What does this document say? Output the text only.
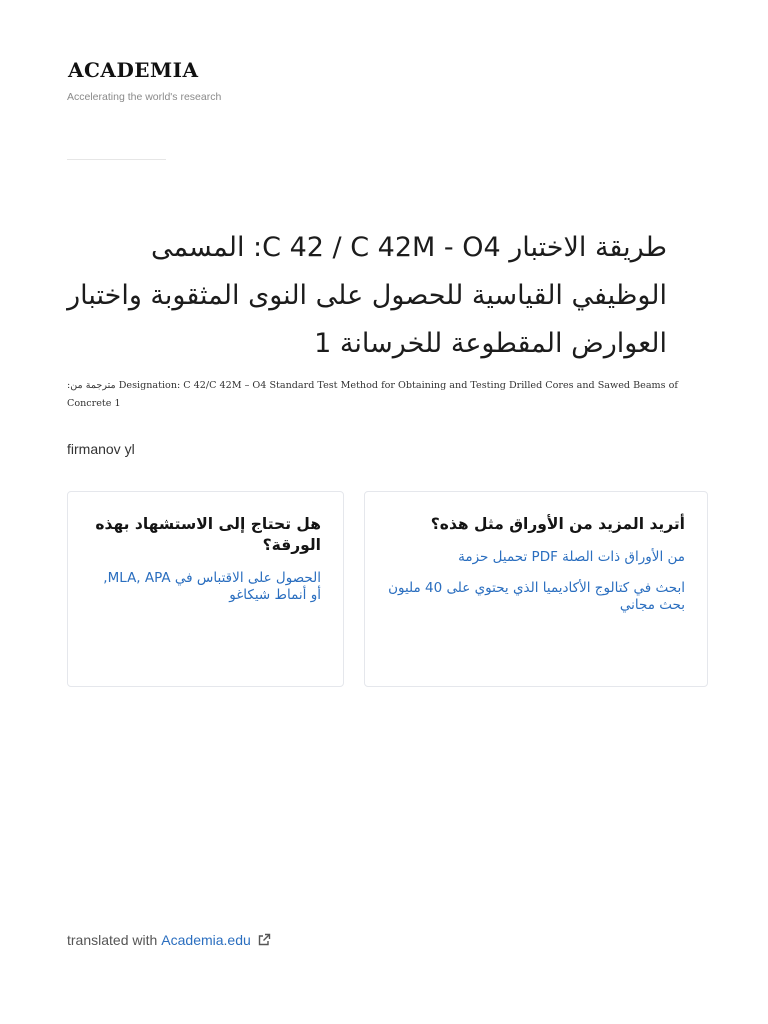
ACADEMIA
Accelerating the world's research
طريقة الاختبار C 42 / C 42M - O4: المسمى الوظيفي القياسية للحصول على النوى المثقوبة واختبار العوارض المقطوعة للخرسانة 1
مترجمة من: Designation: C 42/C 42M – O4 Standard Test Method for Obtaining and Testing Drilled Cores and Sawed Beams of Concrete 1
firmanov yl
هل تحتاج إلى الاستشهاد بهذه الورقة؟
الحصول على الاقتباس في MLA, APA, أو أنماط شيكاغو
أتريد المزيد من الأوراق مثل هذه؟
من الأوراق ذات الصلة PDF تحميل حزمة
ابحث في كتالوج الأكاديميا الذي يحتوي على 40 مليون بحث مجاني
translated with Academia.edu
